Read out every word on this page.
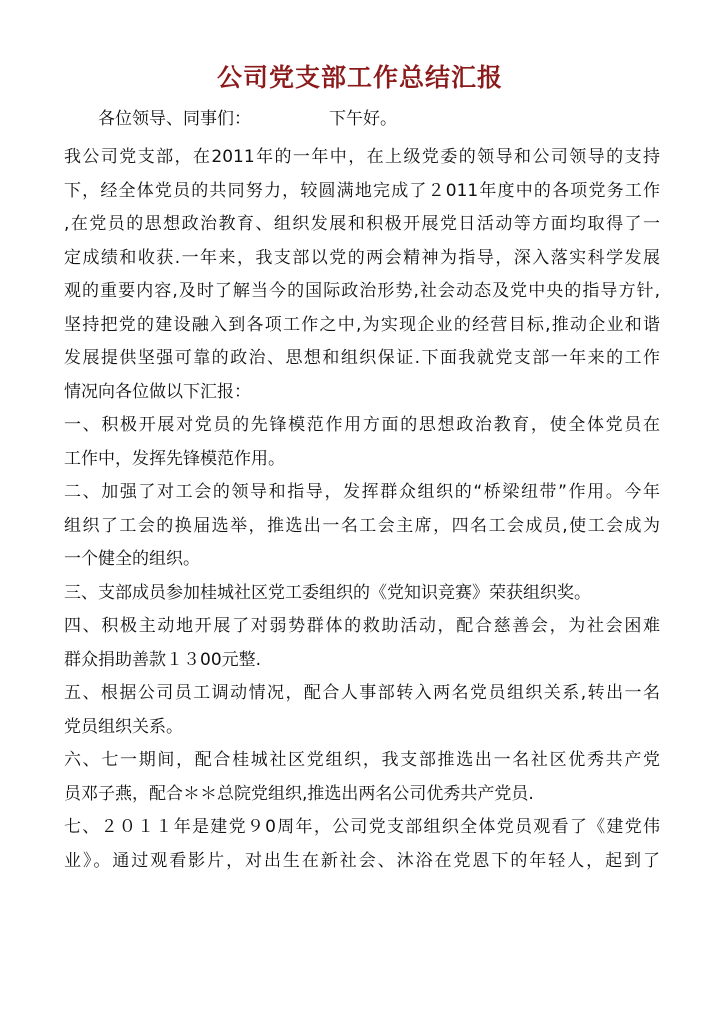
公司党支部工作总结汇报
各位领导、同事们：	下午好。
我公司党支部，在2011年的一年中，在上级党委的领导和公司领导的支持
下，经全体党员的共同努力，较圆满地完成了２011年度中的各项党务工作
,在党员的思想政治教育、组织发展和积极开展党日活动等方面均取得了一
定成绩和收获.一年来，我支部以党的两会精神为指导，深入落实科学发展
观的重要内容,及时了解当今的国际政治形势,社会动态及党中央的指导方针,
坚持把党的建设融入到各项工作之中,为实现企业的经营目标,推动企业和谐
发展提供坚强可靠的政治、思想和组织保证.下面我就党支部一年来的工作
情况向各位做以下汇报：
一、积极开展对党员的先锋模范作用方面的思想政治教育，使全体党员在
工作中，发挥先锋模范作用。
二、加强了对工会的领导和指导，发挥群众组织的“桥梁纽带”作用。今年
组织了工会的换届选举，推选出一名工会主席，四名工会成员,使工会成为
一个健全的组织。
三、支部成员参加桂城社区党工委组织的《党知识竞赛》荣获组织奖。
四、积极主动地开展了对弱势群体的救助活动，配合慈善会，为社会困难
群众捐助善款１３00元整.
五、根据公司员工调动情况，配合人事部转入两名党员组织关系,转出一名
党员组织关系。
六、七一期间，配合桂城社区党组织，我支部推选出一名社区优秀共产党
员邓子燕，配合＊＊总院党组织,推选出两名公司优秀共产党员.
七、２０１１年是建党９0周年，公司党支部组织全体党员观看了《建党伟
业》。通过观看影片，对出生在新社会、沐浴在党恩下的年轻人，起到了
